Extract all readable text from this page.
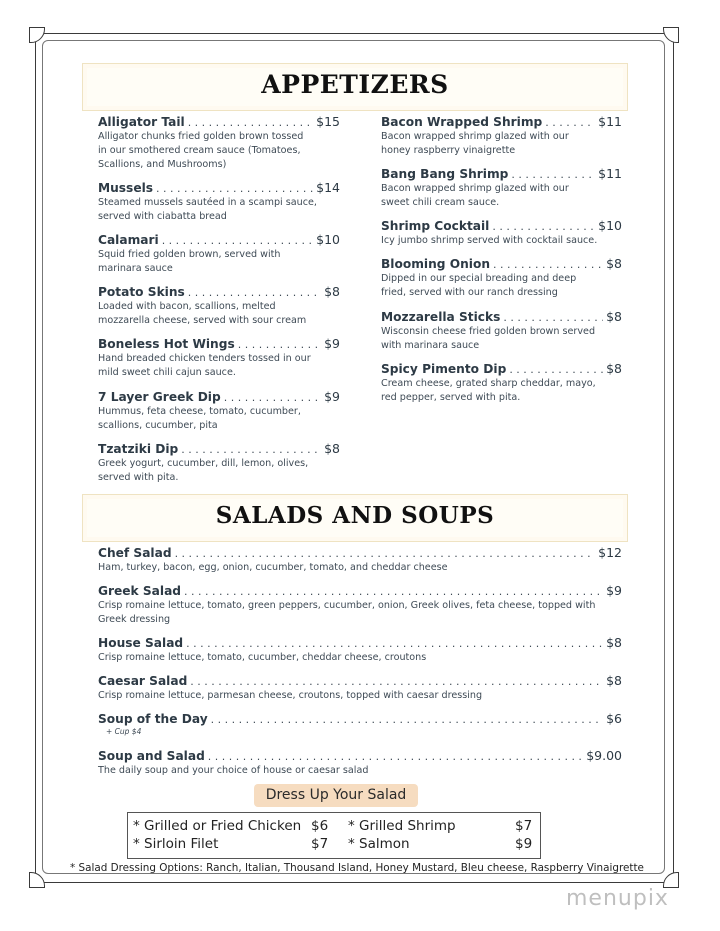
APPETIZERS
Alligator Tail . . .	$15
Alligator chunks fried golden brown tossed
in our smothered cream sauce (Tomatoes,
Scallions, and Mushrooms)
Mussels . . .	$14
Steamed mussels sautéed in a scampi sauce,
served with ciabatta bread
Calamari . . .	$10
Squid fried golden brown, served with
marinara sauce
Potato Skins . . .	$8
Loaded with bacon, scallions, melted
mozzarella cheese, served with sour cream
Boneless Hot Wings . . .	$9
Hand breaded chicken tenders tossed in our
mild sweet chili cajun sauce.
7 Layer Greek Dip . . .	$9
Hummus, feta cheese, tomato, cucumber,
scallions, cucumber, pita
Tzatziki Dip . . .	$8
Greek yogurt, cucumber, dill, lemon, olives,
served with pita.
Bacon Wrapped Shrimp . . .	$11
Bacon wrapped shrimp glazed with our
honey raspberry vinaigrette
Bang Bang Shrimp . . .	$11
Bacon wrapped shrimp glazed with our
sweet chili cream sauce.
Shrimp Cocktail . . .	$10
Icy jumbo shrimp served with cocktail sauce.
Blooming Onion . . .	$8
Dipped in our special breading and deep
fried, served with our ranch dressing
Mozzarella Sticks . . .	$8
Wisconsin cheese fried golden brown served
with marinara sauce
Spicy Pimento Dip . . .	$8
Cream cheese, grated sharp cheddar, mayo,
red pepper, served with pita.
SALADS AND SOUPS
Chef Salad . . .	$12
Ham, turkey, bacon, egg, onion, cucumber, tomato, and cheddar cheese
Greek Salad . . .	$9
Crisp romaine lettuce, tomato, green peppers, cucumber, onion, Greek olives, feta cheese, topped with
Greek dressing
House Salad . . .	$8
Crisp romaine lettuce, tomato, cucumber, cheddar cheese, croutons
Caesar Salad . . .	$8
Crisp romaine lettuce, parmesan cheese, croutons, topped with caesar dressing
Soup of the Day . . .	$6
+ Cup $4
Soup and Salad . . .	$9.00
The daily soup and your choice of house or caesar salad
Dress Up Your Salad
* Grilled or Fried Chicken $6 * Grilled Shrimp	$7
* Sirloin Filet	$7 * Salmon	$9
* Salad Dressing Options: Ranch, Italian, Thousand Island, Honey Mustard, Bleu cheese, Raspberry Vinaigrette
menupix
